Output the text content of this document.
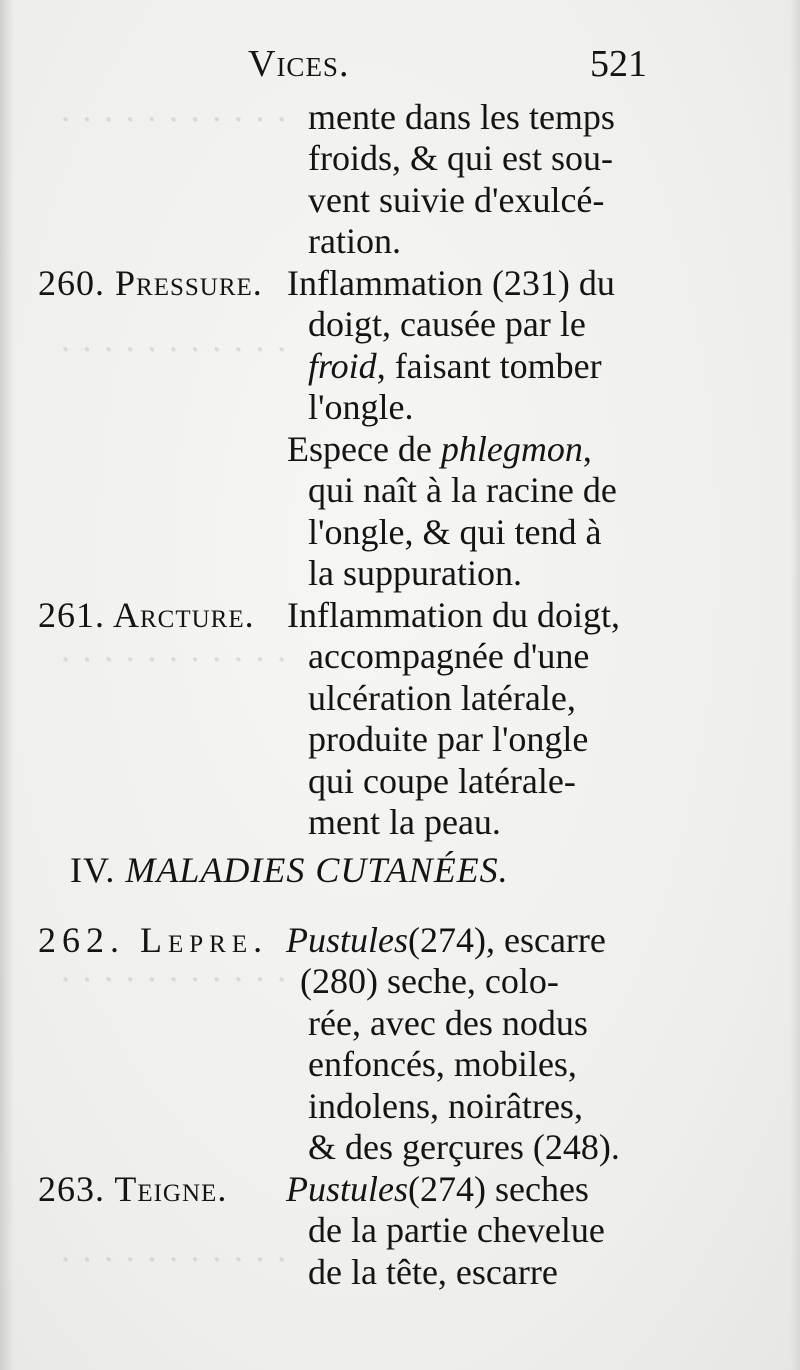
· · · · · · · · · · ·
· · · · · · · · · · ·
· · · · · · · · · · ·
· · · · · · · · · · ·
· · · · · · · · · · ·
Vices.	521
mente dans les temps
froids, & qui est sou-
vent suivie d'exulcé-
ration.
260. Pressure. Inflammation (231) du
doigt, causée par le
froid, faisant tomber
l'ongle.
Espece de phlegmon,
qui naît à la racine de
l'ongle, & qui tend à
la suppuration.
261. Arcture. Inflammation du doigt,
accompagnée d'une
ulcération latérale,
produite par l'ongle
qui coupe latérale-
ment la peau.
IV. MALADIES CUTANÉES.
262. Lepre. Pustules(274), escarre
(280) seche, colo-
rée, avec des nodus
enfoncés, mobiles,
indolens, noirâtres,
& des gerçures (248).
263. Teigne. Pustules(274) seches
de la partie chevelue
de la tête, escarre
